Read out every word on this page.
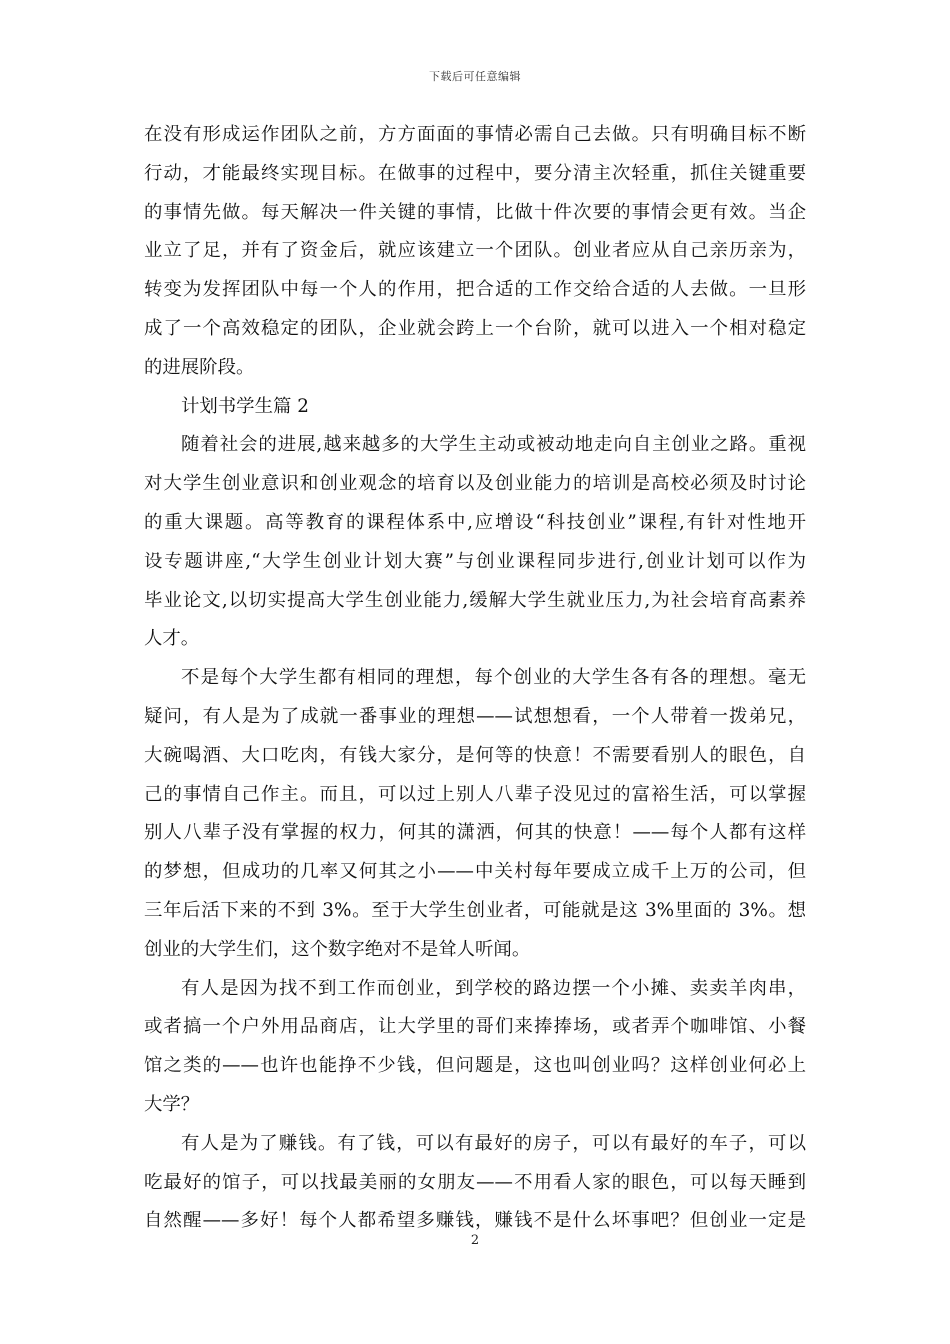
下载后可任意编辑
在没有形成运作团队之前，方方面面的事情必需自己去做。只有明确目标不断
行动，才能最终实现目标。在做事的过程中，要分清主次轻重，抓住关键重要
的事情先做。每天解决一件关键的事情，比做十件次要的事情会更有效。当企
业立了足，并有了资金后，就应该建立一个团队。创业者应从自己亲历亲为，
转变为发挥团队中每一个人的作用，把合适的工作交给合适的人去做。一旦形
成了一个高效稳定的团队，企业就会跨上一个台阶，就可以进入一个相对稳定
的进展阶段。
计划书学生篇 2
随着社会的进展,越来越多的大学生主动或被动地走向自主创业之路。重视
对大学生创业意识和创业观念的培育以及创业能力的培训是高校必须及时讨论
的重大课题。高等教育的课程体系中,应增设“科技创业”课程,有针对性地开
设专题讲座,“大学生创业计划大赛”与创业课程同步进行,创业计划可以作为
毕业论文,以切实提高大学生创业能力,缓解大学生就业压力,为社会培育高素养
人才。
不是每个大学生都有相同的理想，每个创业的大学生各有各的理想。毫无
疑问，有人是为了成就一番事业的理想——试想想看，一个人带着一拨弟兄，
大碗喝酒、大口吃肉，有钱大家分，是何等的快意！不需要看别人的眼色，自
己的事情自己作主。而且，可以过上别人八辈子没见过的富裕生活，可以掌握
别人八辈子没有掌握的权力，何其的潇洒，何其的快意！——每个人都有这样
的梦想，但成功的几率又何其之小——中关村每年要成立成千上万的公司，但
三年后活下来的不到 3%。至于大学生创业者，可能就是这 3%里面的 3%。想
创业的大学生们，这个数字绝对不是耸人听闻。
有人是因为找不到工作而创业，到学校的路边摆一个小摊、卖卖羊肉串，
或者搞一个户外用品商店，让大学里的哥们来捧捧场，或者弄个咖啡馆、小餐
馆之类的——也许也能挣不少钱，但问题是，这也叫创业吗？这样创业何必上
大学？
有人是为了赚钱。有了钱，可以有最好的房子，可以有最好的车子，可以
吃最好的馆子，可以找最美丽的女朋友——不用看人家的眼色，可以每天睡到
自然醒——多好！每个人都希望多赚钱，赚钱不是什么坏事吧？但创业一定是
2
